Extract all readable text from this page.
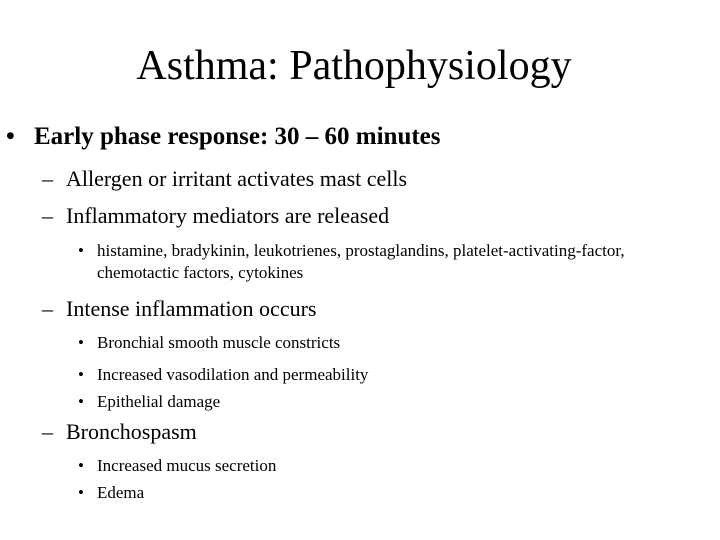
Asthma: Pathophysiology
• Early phase response: 30 – 60 minutes
– Allergen or irritant activates mast cells
– Inflammatory mediators are released
• histamine, bradykinin, leukotrienes, prostaglandins, platelet-activating-factor, chemotactic factors, cytokines
– Intense inflammation occurs
• Bronchial smooth muscle constricts
• Increased vasodilation and permeability
• Epithelial damage
– Bronchospasm
• Increased mucus secretion
• Edema
